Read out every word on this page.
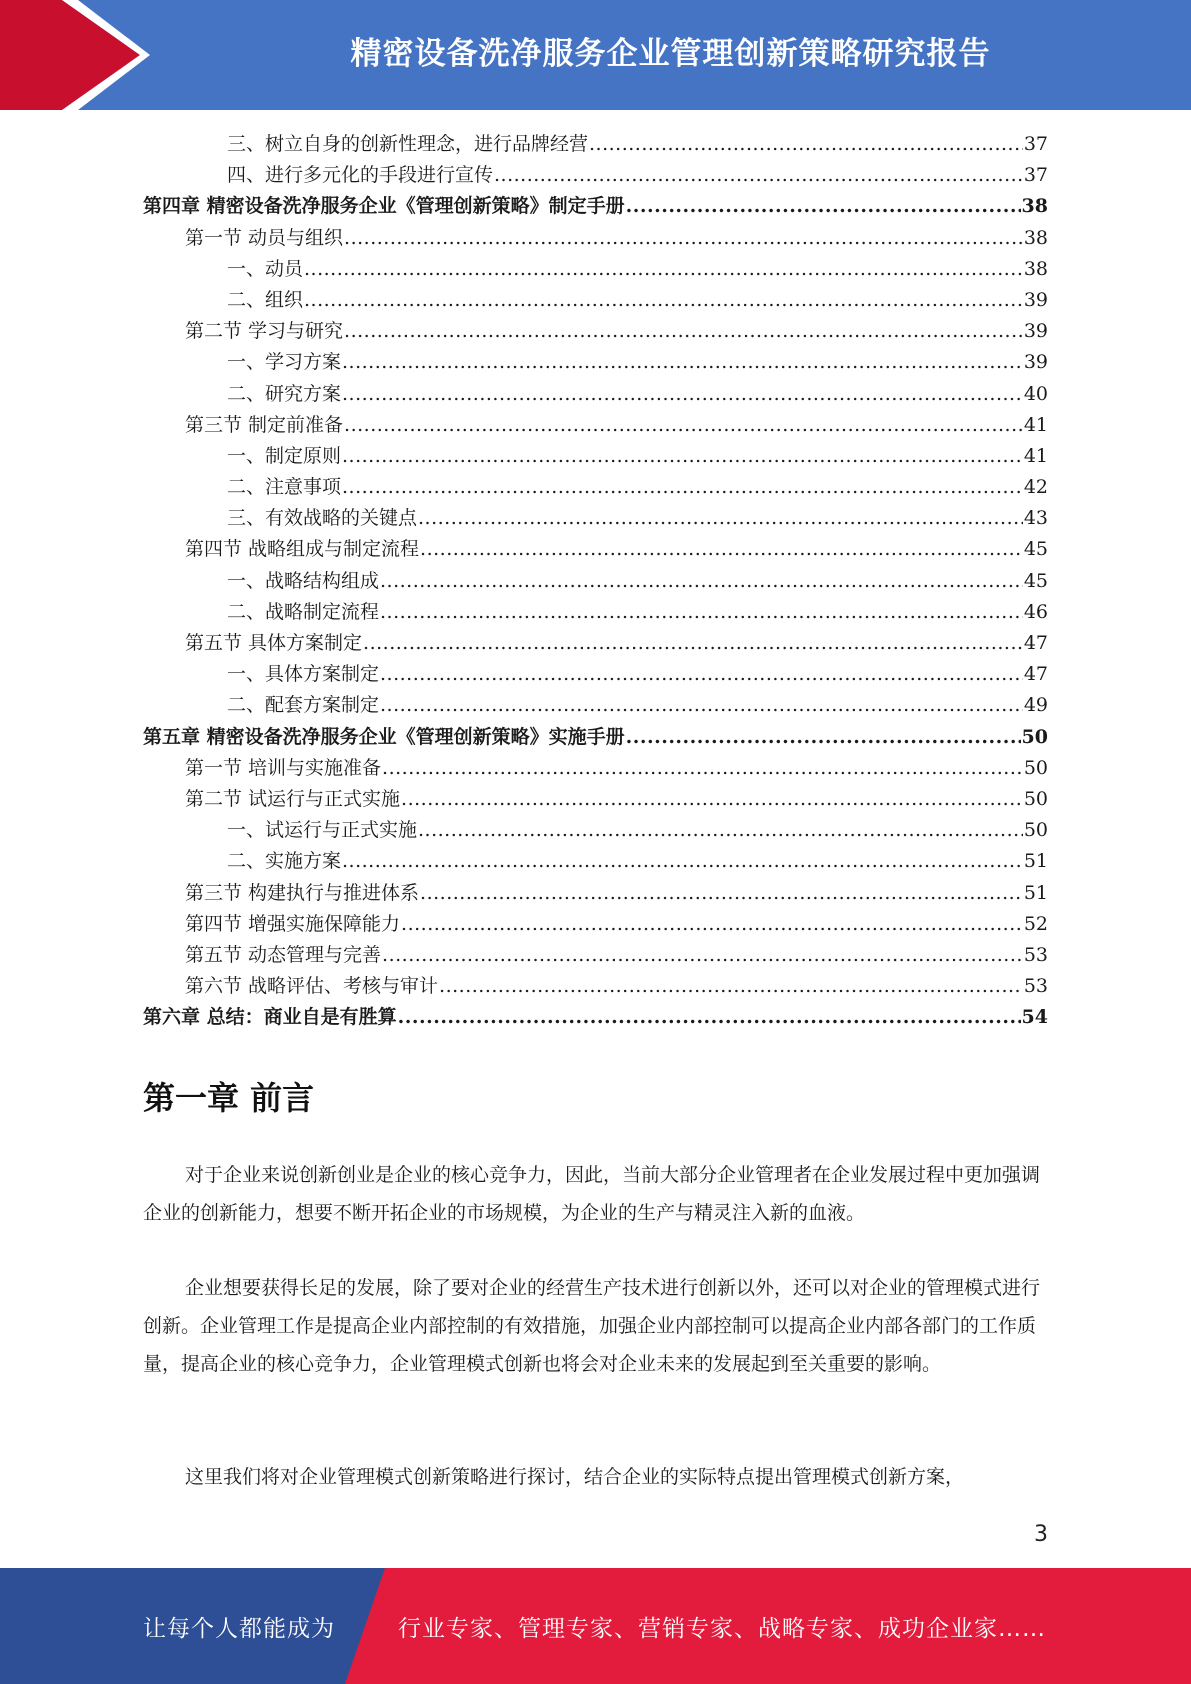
精密设备洗净服务企业管理创新策略研究报告
三、树立自身的创新性理念，进行品牌经营 .....	37
四、进行多元化的手段进行宣传 .....	37
第四章 精密设备洗净服务企业《管理创新策略》制定手册 .....	38
第一节 动员与组织 .....	38
一、动员 .....	38
二、组织 .....	39
第二节 学习与研究 .....	39
一、学习方案 .....	39
二、研究方案 .....	40
第三节 制定前准备 .....	41
一、制定原则 .....	41
二、注意事项 .....	42
三、有效战略的关键点 .....	43
第四节 战略组成与制定流程 .....	45
一、战略结构组成 .....	45
二、战略制定流程 .....	46
第五节 具体方案制定 .....	47
一、具体方案制定 .....	47
二、配套方案制定 .....	49
第五章 精密设备洗净服务企业《管理创新策略》实施手册 .....	50
第一节 培训与实施准备 .....	50
第二节 试运行与正式实施 .....	50
一、试运行与正式实施 .....	50
二、实施方案 .....	51
第三节 构建执行与推进体系 .....	51
第四节 增强实施保障能力 .....	52
第五节 动态管理与完善 .....	53
第六节 战略评估、考核与审计 .....	53
第六章 总结：商业自是有胜算 .....	54
第一章 前言

对于企业来说创新创业是企业的核心竞争力，因此，当前大部分企业管理者在企业发展过程中更加强调企业的创新能力，想要不断开拓企业的市场规模，为企业的生产与精灵注入新的血液。

企业想要获得长足的发展，除了要对企业的经营生产技术进行创新以外，还可以对企业的管理模式进行创新。企业管理工作是提高企业内部控制的有效措施，加强企业内部控制可以提高企业内部各部门的工作质量，提高企业的核心竞争力，企业管理模式创新也将会对企业未来的发展起到至关重要的影响。

这里我们将对企业管理模式创新策略进行探讨，结合企业的实际特点提出管理模式创新方案，

3
让每个人都能成为	行业专家、管理专家、营销专家、战略专家、成功企业家……
